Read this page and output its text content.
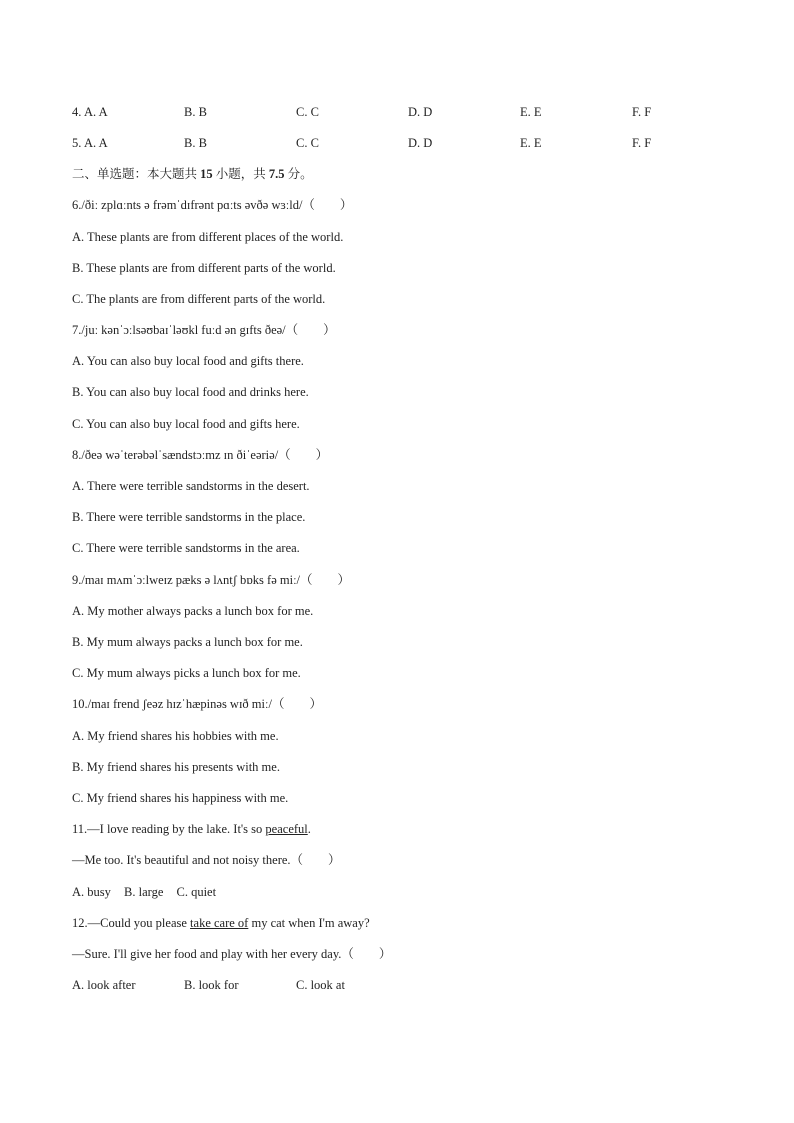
4. A. A	B. B	C. C	D. D	E. E	F. F
5. A. A	B. B	C. C	D. D	E. E	F. F
二、单选题：本大题共 15 小题，共 7.5 分。
6./ðiː zplɑːnts ə frəmˈdɪfrənt pɑːts əvðə wɜːld/（　　）
A. These plants are from different places of the world.
B. These plants are from different parts of the world.
C. The plants are from different parts of the world.
7./juː kənˈɔːlsəʊbaɪˈləʊkl fuːd ən gɪfts ðeə/（　　）
A. You can also buy local food and gifts there.
B. You can also buy local food and drinks here.
C. You can also buy local food and gifts here.
8./ðeə wəˈterəbəlˈsændstɔːmz ɪn ðiˈeəriə/（　　）
A. There were terrible sandstorms in the desert.
B. There were terrible sandstorms in the place.
C. There were terrible sandstorms in the area.
9./maɪ mʌmˈɔːlweɪz pæks ə lʌntʃ bɒks fə miː/（　　）
A. My mother always packs a lunch box for me.
B. My mum always packs a lunch box for me.
C. My mum always picks a lunch box for me.
10./maɪ frend ʃeəz hɪzˈhæpinəs wɪð miː/（　　）
A. My friend shares his hobbies with me.
B. My friend shares his presents with me.
C. My friend shares his happiness with me.
11.—I love reading by the lake. It's so peaceful.
—Me too. It's beautiful and not noisy there.（　　）
A. busy B. large C. quiet
12.—Could you please take care of my cat when I'm away?
—Sure. I'll give her food and play with her every day.（　　）
A. look after	B. look for	C. look at
